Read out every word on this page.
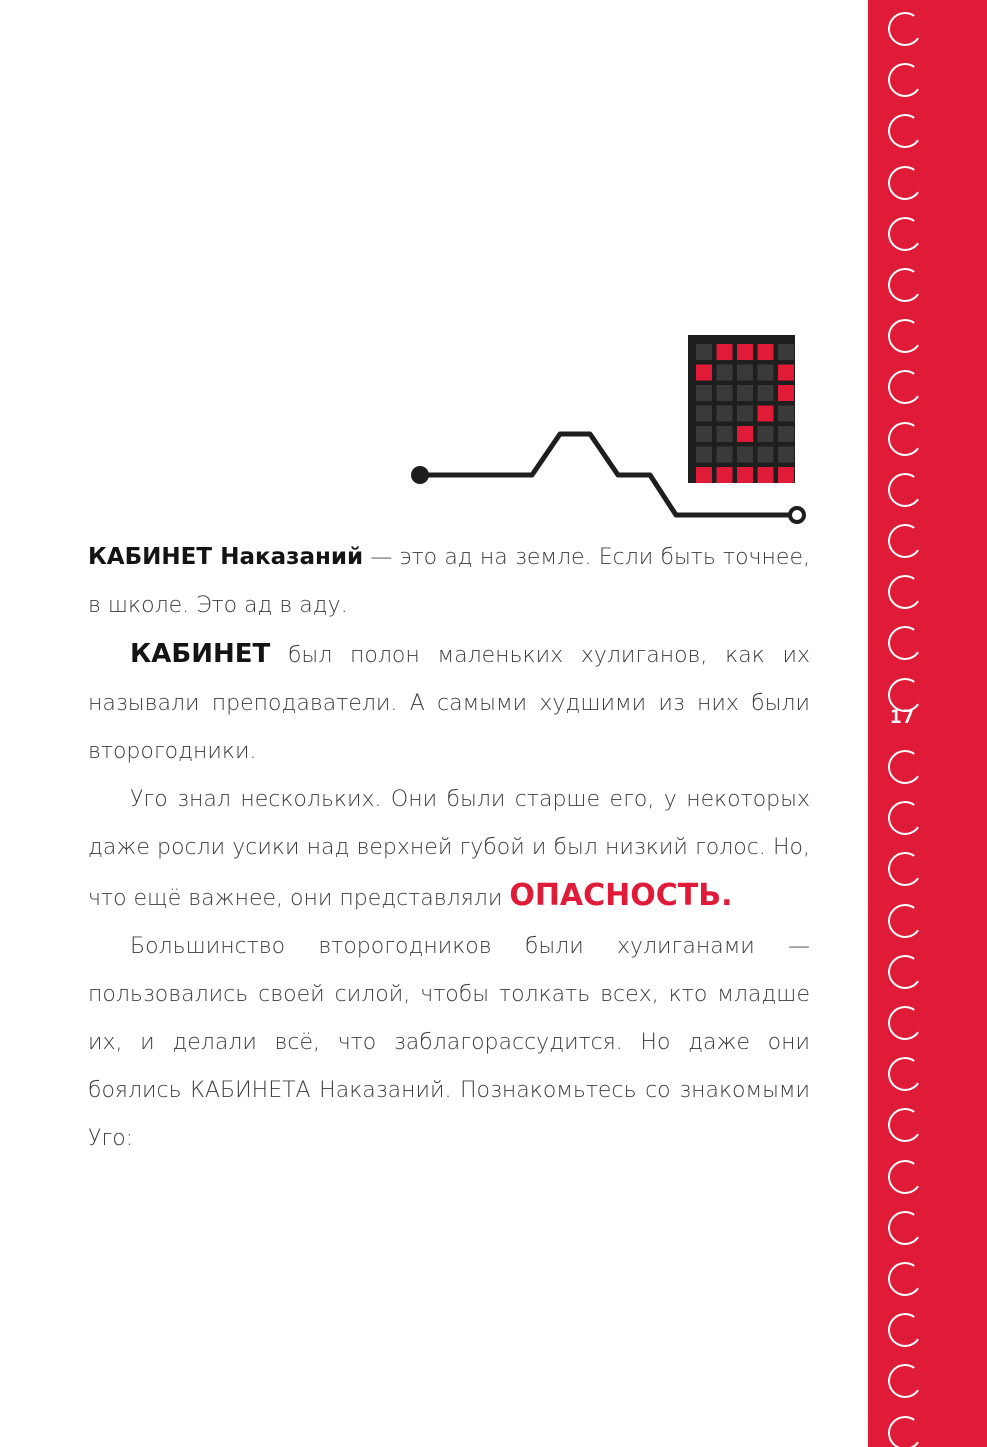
17

КАБИНЕТ Наказаний — это ад на земле. Если быть точнее, в школе. Это ад в аду.

КАБИНЕТ был полон маленьких хулиганов, как их называли преподаватели. А самыми худшими из них были второгодники.

Уго знал нескольких. Они были старше его, у некоторых даже росли усики над верхней губой и был низкий голос. Но, что ещё важнее, они представляли ОПАСНОСТЬ.

Большинство второгодников были хулиганами — пользовались своей силой, чтобы толкать всех, кто младше их, и делали всё, что заблагорассудится. Но даже они боялись КАБИНЕТА Наказаний. Познакомьтесь со знакомыми Уго:
